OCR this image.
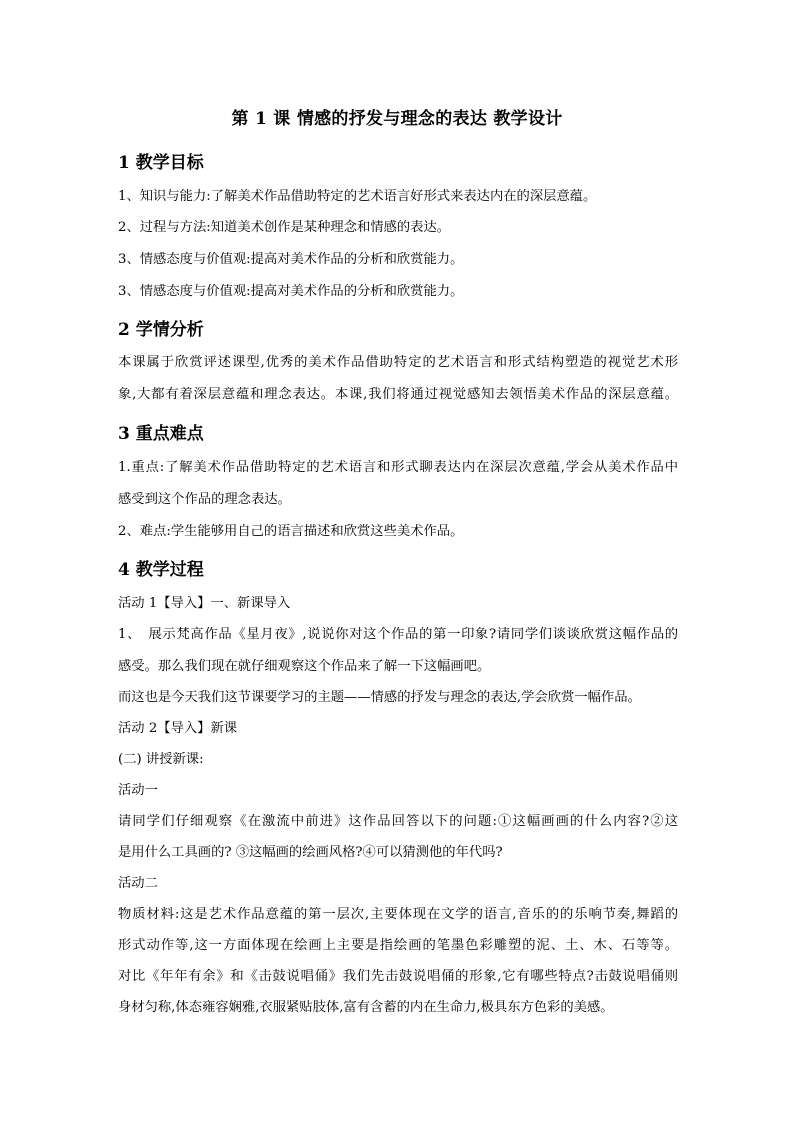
第 1 课 情感的抒发与理念的表达 教学设计
1 教学目标
1、知识与能力:了解美术作品借助特定的艺术语言好形式来表达内在的深层意蕴。
2、过程与方法:知道美术创作是某种理念和情感的表达。
3、情感态度与价值观:提高对美术作品的分析和欣赏能力。
3、情感态度与价值观:提高对美术作品的分析和欣赏能力。
2 学情分析
本课属于欣赏评述课型,优秀的美术作品借助特定的艺术语言和形式结构塑造的视觉艺术形
象,大都有着深层意蕴和理念表达。本课,我们将通过视觉感知去领悟美术作品的深层意蕴。
3 重点难点
1.重点:了解美术作品借助特定的艺术语言和形式聊表达内在深层次意蕴,学会从美术作品中
感受到这个作品的理念表达。
2、难点:学生能够用自己的语言描述和欣赏这些美术作品。
4 教学过程
活动 1【导入】一、新课导入
1、　展示梵高作品《星月夜》,说说你对这个作品的第一印象?请同学们谈谈欣赏这幅作品的
感受。那么我们现在就仔细观察这个作品来了解一下这幅画吧。
而这也是今天我们这节课要学习的主题——情感的抒发与理念的表达,学会欣赏一幅作品。
活动 2【导入】新课
(二) 讲授新课:
活动一
请同学们仔细观察《在激流中前进》这作品回答以下的问题:①这幅画画的什么内容?②这
是用什么工具画的? ③这幅画的绘画风格?④可以猜测他的年代吗?
活动二
物质材料:这是艺术作品意蕴的第一层次,主要体现在文学的语言,音乐的的乐响节奏,舞蹈的
形式动作等,这一方面体现在绘画上主要是指绘画的笔墨色彩雕塑的泥、土、木、石等等。
对比《年年有余》和《击鼓说唱俑》我们先击鼓说唱俑的形象,它有哪些特点?击鼓说唱俑则
身材匀称,体态雍容娴雅,衣服紧贴肢体,富有含蓄的内在生命力,极具东方色彩的美感。
